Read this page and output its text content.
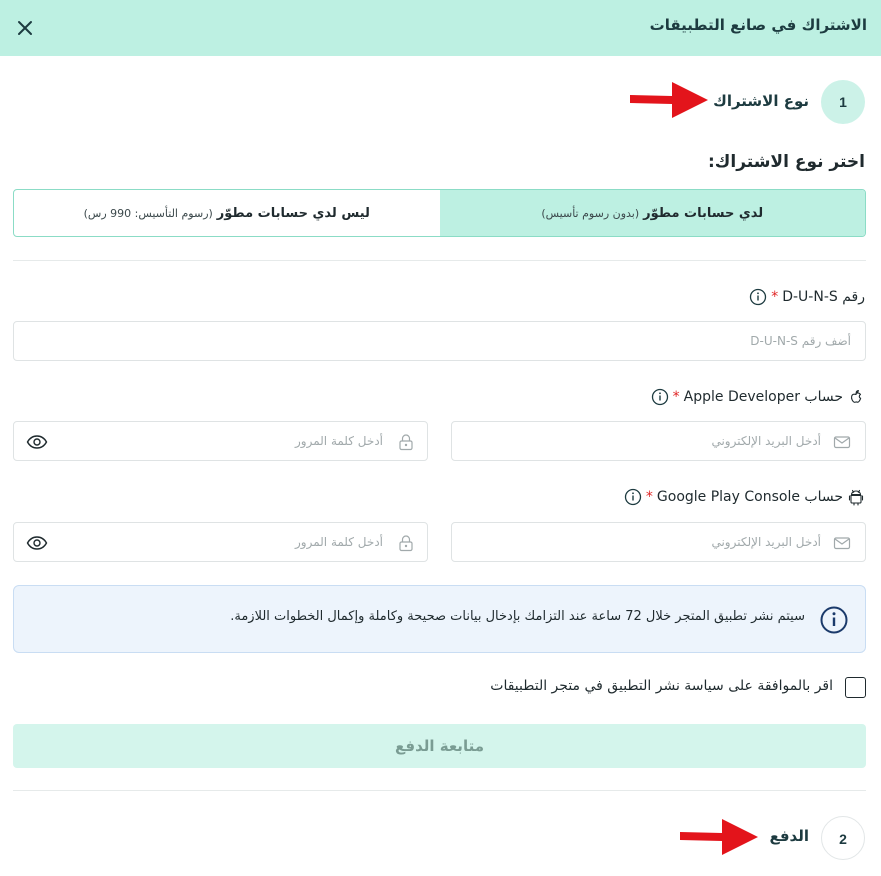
الاشتراك في صانع التطبيقات
1
نوع الاشتراك
اختر نوع الاشتراك:
لدي حسابات مطوّر
(بدون رسوم تأسيس)
ليس لدي حسابات مطوّر
(رسوم التأسيس: 990 رس)
رقم D-U-N-S
*
أضف رقم D-U-N-S
حساب Apple Developer
*
أدخل البريد الإلكتروني
أدخل كلمة المرور
حساب Google Play Console
*
أدخل البريد الإلكتروني
أدخل كلمة المرور
سيتم نشر تطبيق المتجر خلال 72 ساعة عند التزامك بإدخال بيانات صحيحة وكاملة وإكمال الخطوات اللازمة.
اقر بالموافقة على سياسة نشر التطبيق في متجر التطبيقات
متابعة الدفع
2
الدفع
